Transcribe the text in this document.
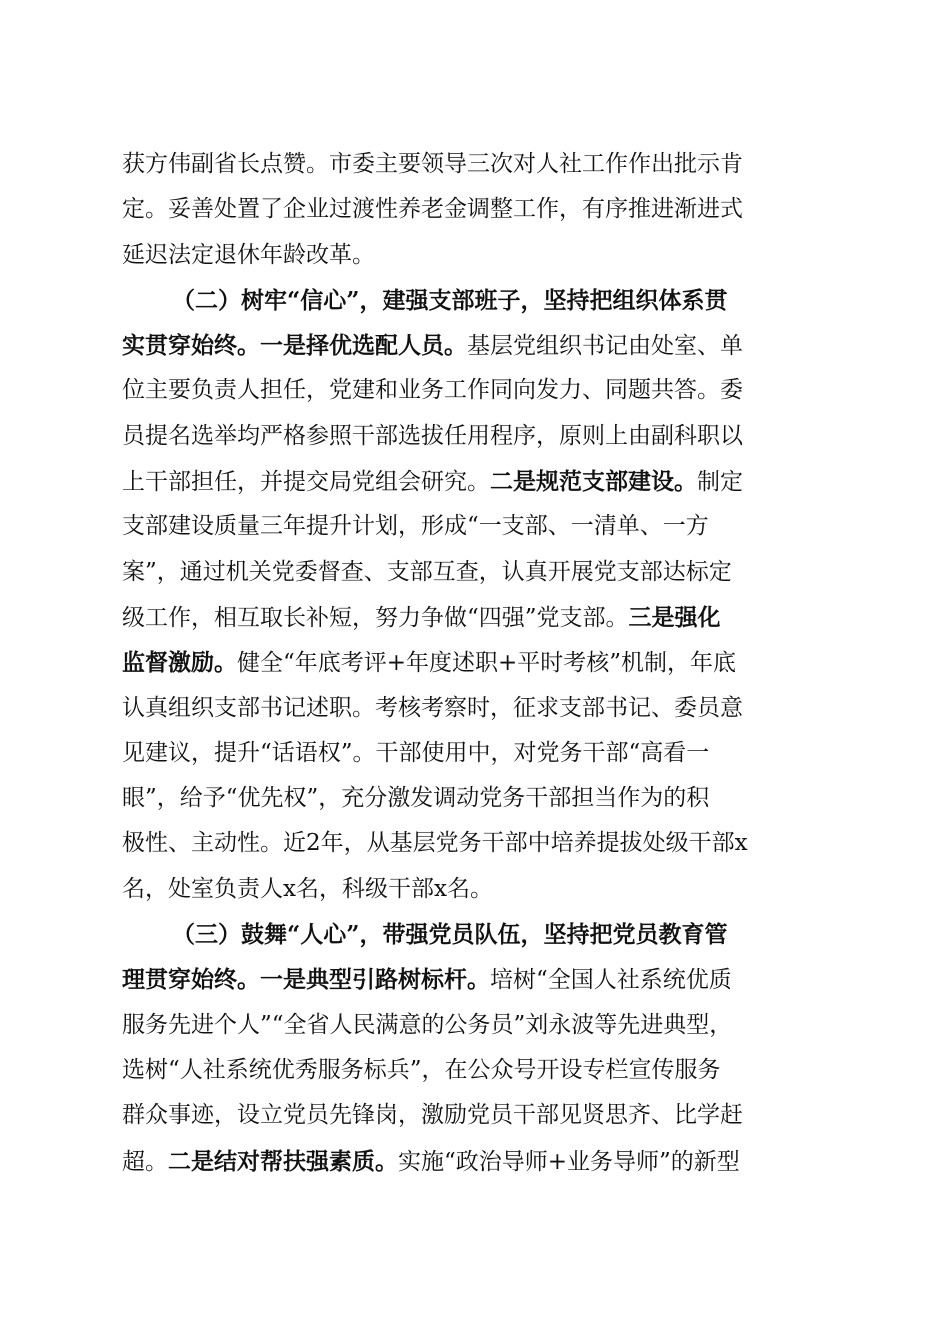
获方伟副省长点赞。市委主要领导三次对人社工作作出批示肯
定。妥善处置了企业过渡性养老金调整工作，有序推进渐进式
延迟法定退休年龄改革。
（二）树牢“信心”，建强支部班子，坚持把组织体系贯
实贯穿始终。一是择优选配人员。基层党组织书记由处室、单
位主要负责人担任，党建和业务工作同向发力、同题共答。委
员提名选举均严格参照干部选拔任用程序，原则上由副科职以
上干部担任，并提交局党组会研究。二是规范支部建设。制定
支部建设质量三年提升计划，形成“一支部、一清单、一方
案”，通过机关党委督查、支部互查，认真开展党支部达标定
级工作，相互取长补短，努力争做“四强”党支部。三是强化
监督激励。健全“年底考评+年度述职+平时考核”机制，年底
认真组织支部书记述职。考核考察时，征求支部书记、委员意
见建议，提升“话语权”。干部使用中，对党务干部“高看一
眼”，给予“优先权”，充分激发调动党务干部担当作为的积
极性、主动性。近2年，从基层党务干部中培养提拔处级干部x
名，处室负责人x名，科级干部x名。
（三）鼓舞“人心”，带强党员队伍，坚持把党员教育管
理贯穿始终。一是典型引路树标杆。培树“全国人社系统优质
服务先进个人”“全省人民满意的公务员”刘永波等先进典型，
选树“人社系统优秀服务标兵”，在公众号开设专栏宣传服务
群众事迹，设立党员先锋岗，激励党员干部见贤思齐、比学赶
超。二是结对帮扶强素质。实施“政治导师+业务导师”的新型
